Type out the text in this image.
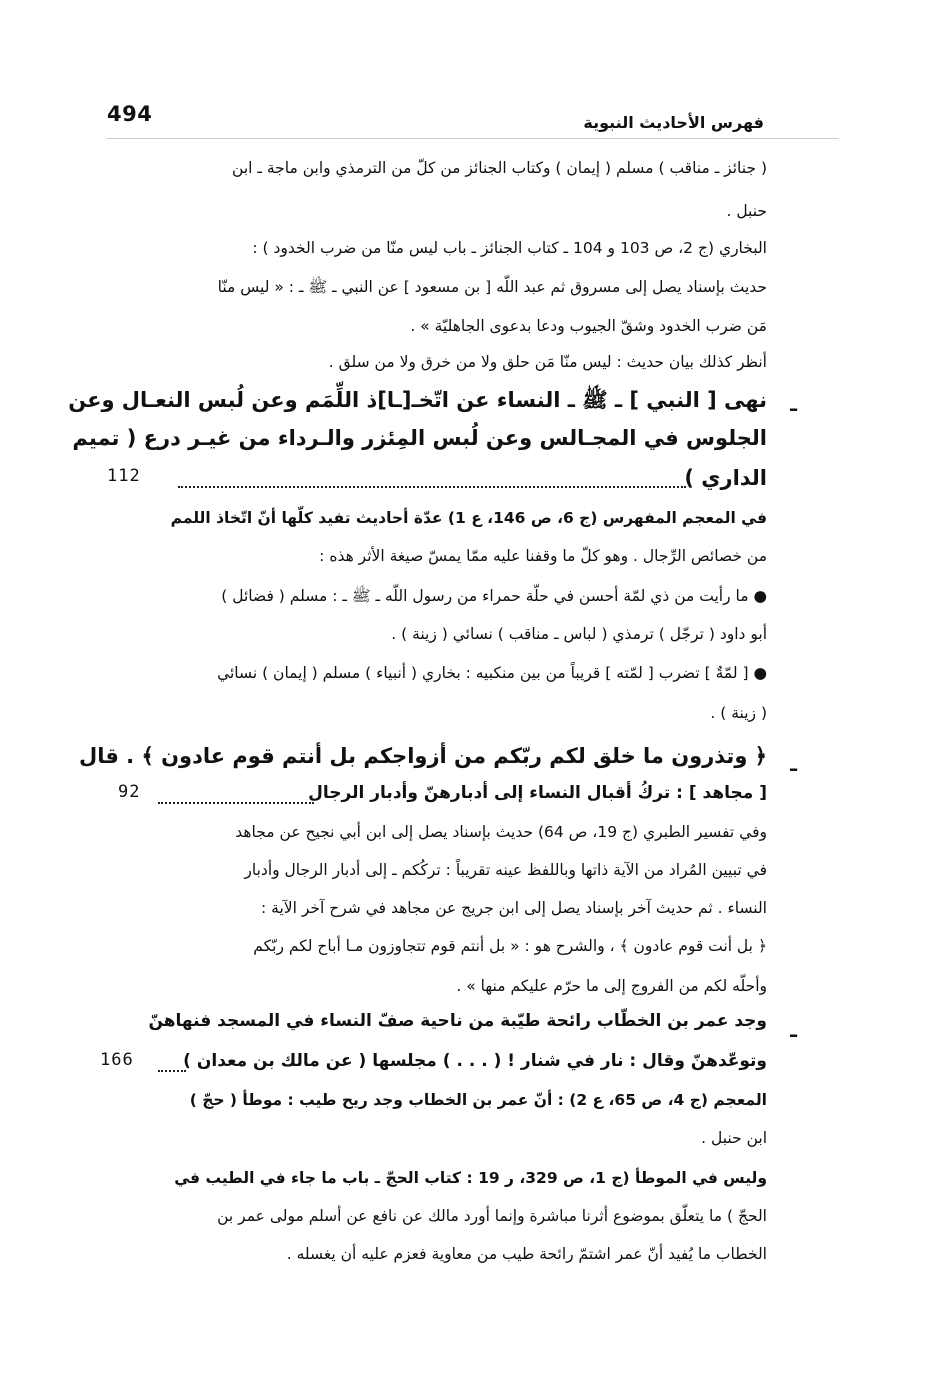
494	فهرس الأحاديث النبوية
( جنائز ـ مناقب ) مسلم ( إيمان ) وكتاب الجنائز من كلّ من الترمذي وابن ماجة ـ ابن
حنبل .
البخاري (ج 2، ص 103 و 104 ـ كتاب الجنائز ـ باب ليس منّا من ضرب الخدود ) :
حديث بإسناد يصل إلى مسروق ثم عبد اللّه [ بن مسعود ] عن النبي ـ ﷺ ـ : « ليس منّا
مَن ضرب الخدود وشقّ الجيوب ودعا بدعوى الجاهليّة » .
أنظر كذلك بيان حديث : ليس منّا مَن حلق ولا من خرق ولا من سلق .
ـ
نهى [ النبي ] ـ ﷺ ـ النساء عن اتّخـ[ـا]ذ اللِّمَم وعن لُبس النعـال وعن
الجلوس في المجـالس وعن لُبس المِئزر والـرداء من غيـر درع ( تميم
الداري )
112
في المعجم المفهرس (ج 6، ص 146، ع 1) عدّة أحاديث تفيد كلّها أنّ اتّخاذ اللمم
من خصائص الرِّجال . وهو كلّ ما وقفنا عليه ممّا يمسّ صيغة الأثر هذه :
● ما رأيت من ذي لمّة أحسن في حلّة حمراء من رسول اللّه ـ ﷺ ـ : مسلم ( فضائل )
أبو داود ( ترجّل ) ترمذي ( لباس ـ مناقب ) نسائي ( زينة ) .
● [ لمّةٌ ] تضرب [ لمّته ] قريباً من بين منكبيه : بخاري ( أنبياء ) مسلم ( إيمان ) نسائي
( زينة ) .
ـ
﴿ وتذرون ما خلق لكم ربّكم من أزواجكم بل أنتم قوم عادون ﴾ . قال
[ مجاهد ] : تركُ أقبال النساء إلى أدبارهنّ وأدبار الرجال
92
وفي تفسير الطبري (ج 19، ص 64) حديث بإسناد يصل إلى ابن أبي نجيح عن مجاهد
في تبيين المُراد من الآية ذاتها وباللفظ عينه تقريباً : تركُكم ـ إلى أدبار الرجال وأدبار
النساء . ثم حديث آخر بإسناد يصل إلى ابن جريج عن مجاهد في شرح آخر الآية :
﴿ بل أنت قوم عادون ﴾ ، والشرح هو : « بل أنتم قوم تتجاوزون مـا أباح لكم ربّكم
وأحلّه لكم من الفروج إلى ما حرّم عليكم منها » .
ـ
وجد عمر بن الخطّاب رائحة طيّبة من ناحية صفّ النساء في المسجد فنهاهنّ
وتوعّدهنّ وقال : نار في شنار ! ( . . . ) مجلسها ( عن مالك بن معدان )
166
المعجم (ج 4، ص 65، ع 2) : أنّ عمر بن الخطاب وجد ريح طيب : موطأ ( حجّ )
ابن حنبل .
وليس في الموطأ (ج 1، ص 329، ر 19 : كتاب الحجّ ـ باب ما جاء في الطيب في
الحجّ ) ما يتعلّق بموضوع أثرنا مباشرة وإنما أورد مالك عن نافع عن أسلم مولى عمر بن
الخطاب ما يُفيد أنّ عمر اشتمّ رائحة طيب من معاوية فعزم عليه أن يغسله .
